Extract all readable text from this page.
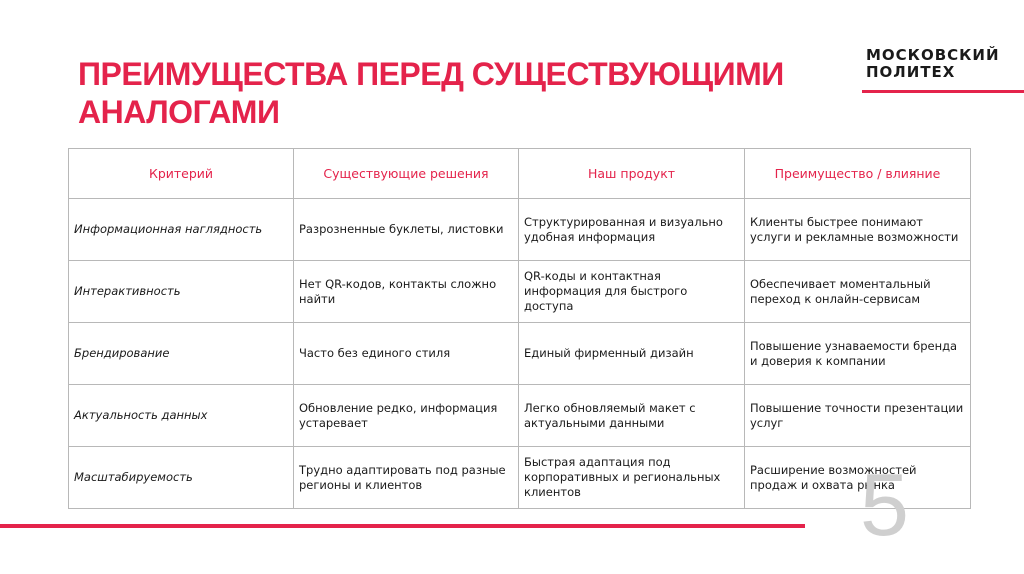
ПРЕИМУЩЕСТВА ПЕРЕД СУЩЕСТВУЮЩИМИ
АНАЛОГАМИ
МОСКОВСКИЙ
ПОЛИТЕХ
Критерий	Существующие решения	Наш продукт	Преимущество / влияние
Информационная наглядность	Разрозненные буклеты, листовки	Структурированная и визуально удобная информация	Клиенты быстрее понимают услуги и рекламные возможности
Интерактивность	Нет QR-кодов, контакты сложно найти	QR-коды и контактная информация для быстрого доступа	Обеспечивает моментальный переход к онлайн-сервисам
Брендирование	Часто без единого стиля	Единый фирменный дизайн	Повышение узнаваемости бренда и доверия к компании
Актуальность данных	Обновление редко, информация устаревает	Легко обновляемый макет с актуальными данными	Повышение точности презентации услуг
Масштабируемость	Трудно адаптировать под разные регионы и клиентов	Быстрая адаптация под корпоративных и региональных клиентов	Расширение возможностей продаж и охвата рынка
5
